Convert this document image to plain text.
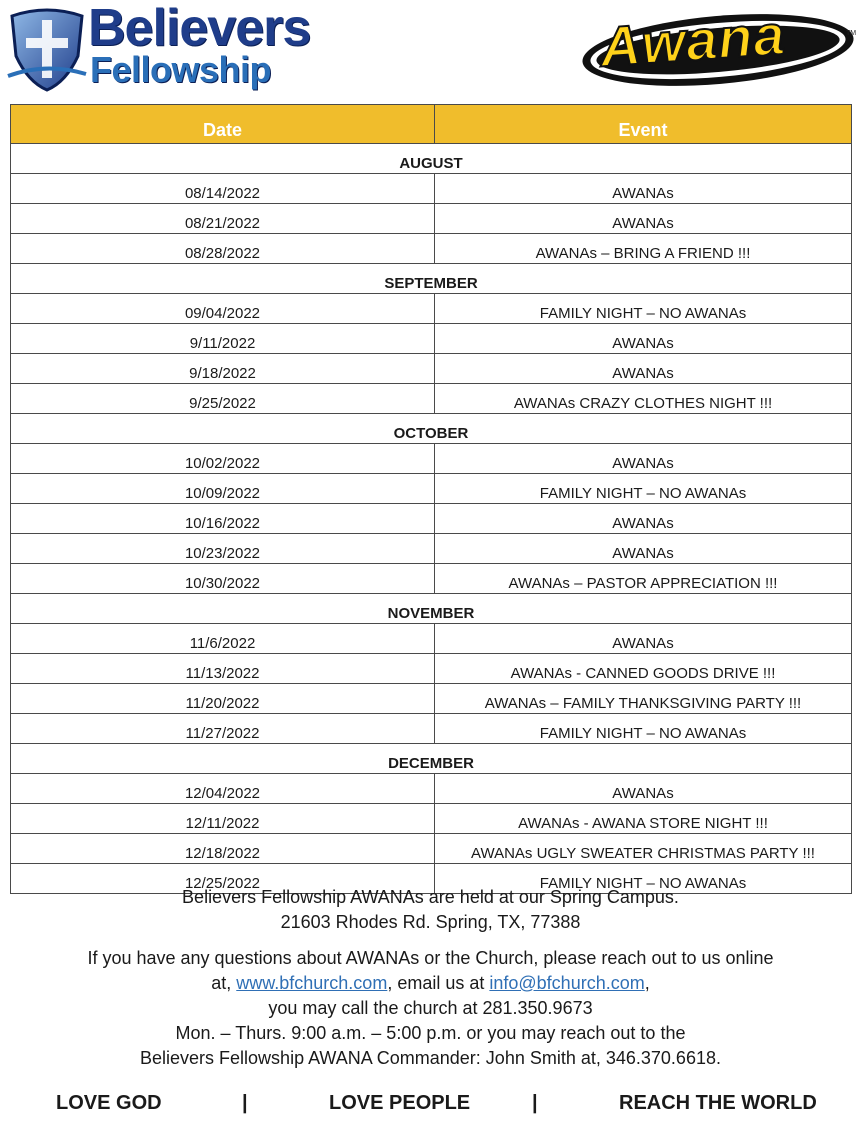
Believers
Fellowship	Awana	TM
Date	Event
AUGUST	
08/14/2022	AWANAs
08/21/2022	AWANAs
08/28/2022	AWANAs – BRING A FRIEND !!!
SEPTEMBER	
09/04/2022	FAMILY NIGHT – NO AWANAs
9/11/2022	AWANAs
9/18/2022	AWANAs
9/25/2022	AWANAs CRAZY CLOTHES NIGHT !!!
OCTOBER	
10/02/2022	AWANAs
10/09/2022	FAMILY NIGHT – NO AWANAs
10/16/2022	AWANAs
10/23/2022	AWANAs
10/30/2022	AWANAs – PASTOR APPRECIATION !!!
NOVEMBER	
11/6/2022	AWANAs
11/13/2022	AWANAs - CANNED GOODS DRIVE !!!
11/20/2022	AWANAs – FAMILY THANKSGIVING PARTY !!!
11/27/2022	FAMILY NIGHT – NO AWANAs
DECEMBER	
12/04/2022	AWANAs
12/11/2022	AWANAs - AWANA STORE NIGHT !!!
12/18/2022	AWANAs UGLY SWEATER CHRISTMAS PARTY !!!
12/25/2022	FAMILY NIGHT – NO AWANAs
Believers Fellowship AWANAs are held at our Spring Campus.
21603 Rhodes Rd. Spring, TX, 77388
If you have any questions about AWANAs or the Church, please reach out to us online
at, www.bfchurch.com, email us at info@bfchurch.com,
you may call the church at 281.350.9673
Mon. – Thurs. 9:00 a.m. – 5:00 p.m. or you may reach out to the
Believers Fellowship AWANA Commander: John Smith at, 346.370.6618.
LOVE GOD	|	LOVE PEOPLE	|	REACH THE WORLD
